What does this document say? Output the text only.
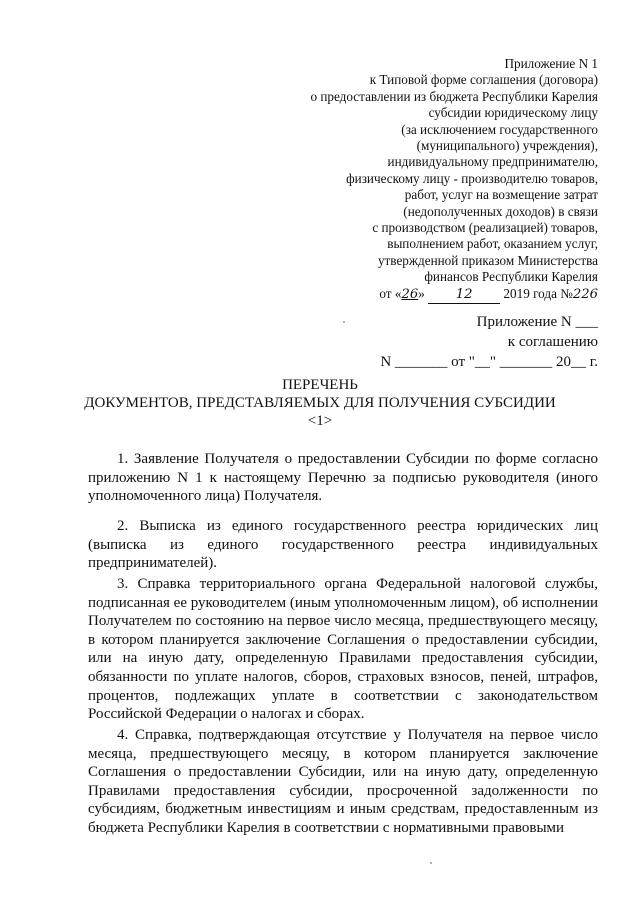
Приложение N 1
к Типовой форме соглашения (договора)
о предоставлении из бюджета Республики Карелия
субсидии юридическому лицу
(за исключением государственного
(муниципального) учреждения),
индивидуальному предпринимателю,
физическому лицу - производителю товаров,
работ, услуг на возмещение затрат
(недополученных доходов) в связи
с производством (реализацией) товаров,
выполнением работ, оказанием услуг,
утвержденной приказом Министерства
финансов Республики Карелия
от «26» 12 2019 года №226
Приложение N ___
к соглашению
N _______ от "__" _______ 20__ г.
ПЕРЕЧЕНЬ
ДОКУМЕНТОВ, ПРЕДСТАВЛЯЕМЫХ ДЛЯ ПОЛУЧЕНИЯ СУБСИДИИ
<1>
1. Заявление Получателя о предоставлении Субсидии по форме согласно приложению N 1 к настоящему Перечню за подписью руководителя (иного уполномоченного лица) Получателя.
2. Выписка из единого государственного реестра юридических лиц (выписка из единого государственного реестра индивидуальных предпринимателей).
3. Справка территориального органа Федеральной налоговой службы, подписанная ее руководителем (иным уполномоченным лицом), об исполнении Получателем по состоянию на первое число месяца, предшествующего месяцу, в котором планируется заключение Соглашения о предоставлении субсидии, или на иную дату, определенную Правилами предоставления субсидии, обязанности по уплате налогов, сборов, страховых взносов, пеней, штрафов, процентов, подлежащих уплате в соответствии с законодательством Российской Федерации о налогах и сборах.
4. Справка, подтверждающая отсутствие у Получателя на первое число месяца, предшествующего месяцу, в котором планируется заключение Соглашения о предоставлении Субсидии, или на иную дату, определенную Правилами предоставления субсидии, просроченной задолженности по субсидиям, бюджетным инвестициям и иным средствам, предоставленным из бюджета Республики Карелия в соответствии с нормативными правовыми
